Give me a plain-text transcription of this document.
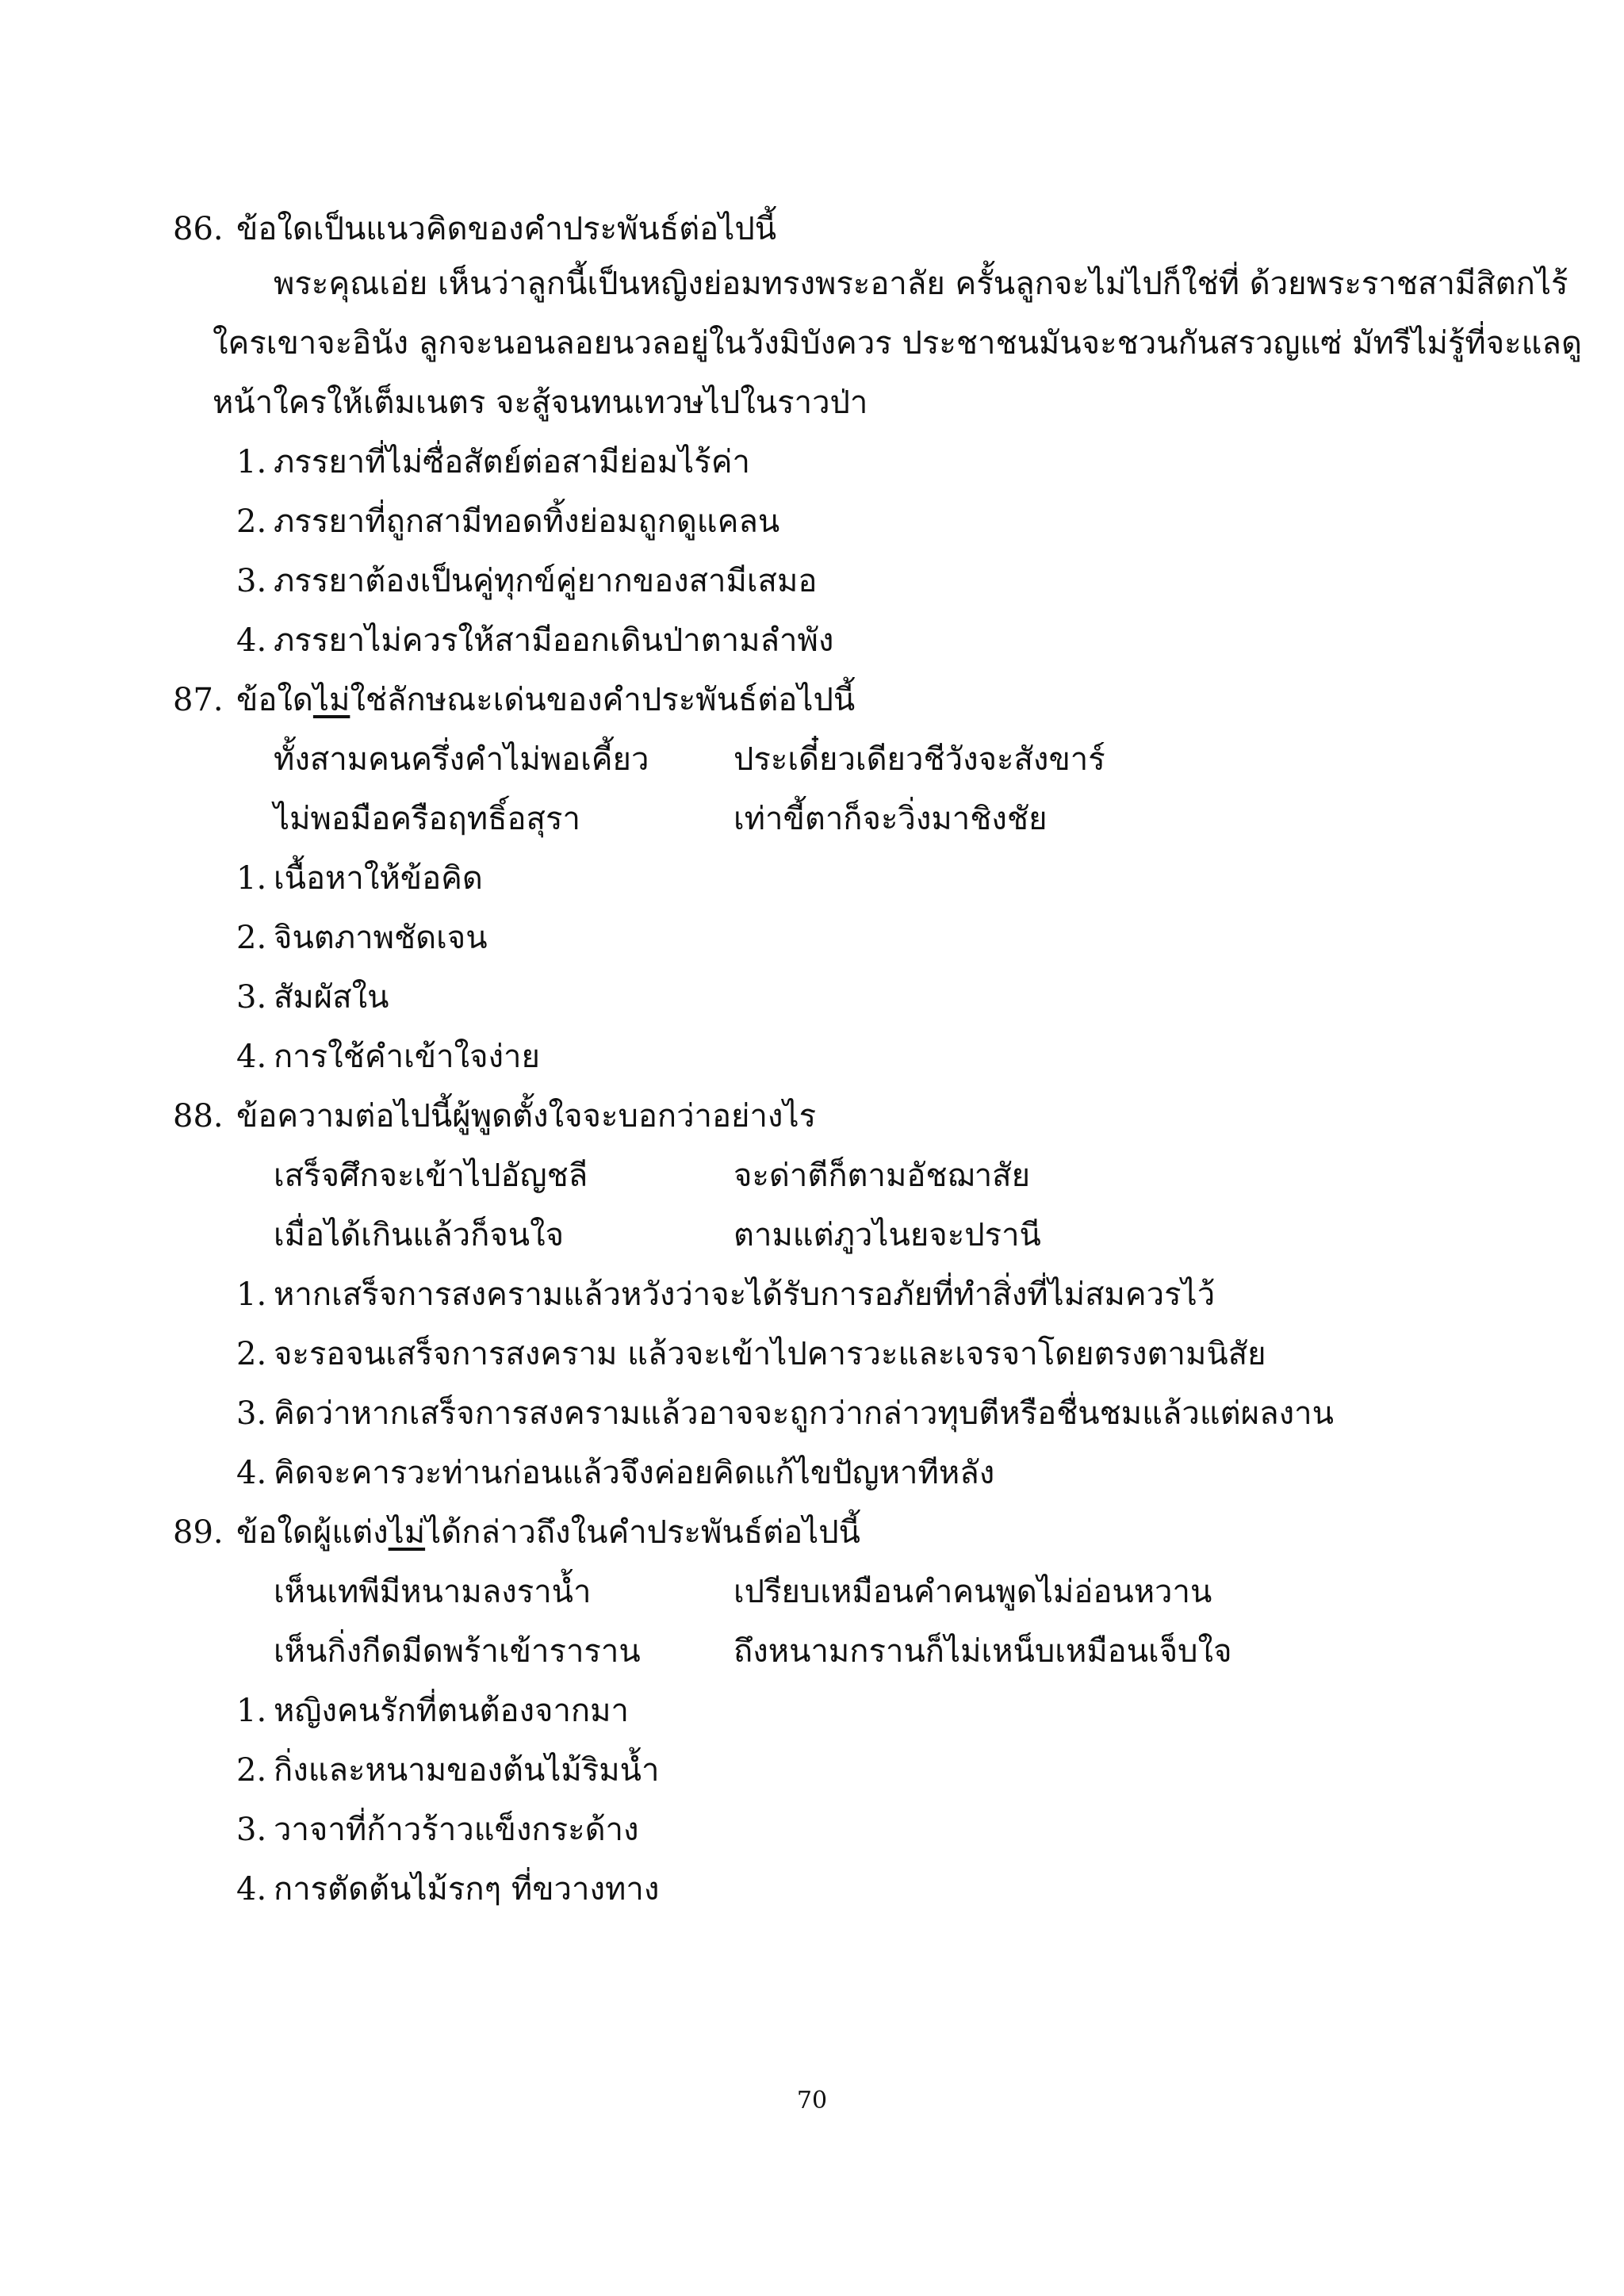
86. ข้อใดเป็นแนวคิดของคำประพันธ์ต่อไปนี้
พระคุณเอ่ย เห็นว่าลูกนี้เป็นหญิงย่อมทรงพระอาลัย ครั้นลูกจะไม่ไปก็ใช่ที่ ด้วยพระราชสามีสิตกไร้
ใครเขาจะอินัง ลูกจะนอนลอยนวลอยู่ในวังมิบังควร ประชาชนมันจะชวนกันสรวญแซ่ มัทรีไม่รู้ที่จะแลดู
หน้าใครให้เต็มเนตร จะสู้จนทนเทวษไปในราวป่า
1. ภรรยาที่ไม่ซื่อสัตย์ต่อสามีย่อมไร้ค่า
2. ภรรยาที่ถูกสามีทอดทิ้งย่อมถูกดูแคลน
3. ภรรยาต้องเป็นคู่ทุกข์คู่ยากของสามีเสมอ
4. ภรรยาไม่ควรให้สามีออกเดินป่าตามลำพัง
87. ข้อใดไม่ใช่ลักษณะเด่นของคำประพันธ์ต่อไปนี้
ทั้งสามคนครึ่งคำไม่พอเคี้ยว	ประเดี๋ยวเดียวชีวังจะสังขาร์
ไม่พอมือครือฤทธิ์อสุรา	เท่าขี้ตาก็จะวิ่งมาชิงชัย
1. เนื้อหาให้ข้อคิด
2. จินตภาพชัดเจน
3. สัมผัสใน
4. การใช้คำเข้าใจง่าย
88. ข้อความต่อไปนี้ผู้พูดตั้งใจจะบอกว่าอย่างไร
เสร็จศึกจะเข้าไปอัญชลี	จะด่าตีก็ตามอัชฌาสัย
เมื่อได้เกินแล้วก็จนใจ	ตามแต่ภูวไนยจะปรานี
1. หากเสร็จการสงครามแล้วหวังว่าจะได้รับการอภัยที่ทำสิ่งที่ไม่สมควรไว้
2. จะรอจนเสร็จการสงคราม แล้วจะเข้าไปคารวะและเจรจาโดยตรงตามนิสัย
3. คิดว่าหากเสร็จการสงครามแล้วอาจจะถูกว่ากล่าวทุบตีหรือชื่นชมแล้วแต่ผลงาน
4. คิดจะคารวะท่านก่อนแล้วจึงค่อยคิดแก้ไขปัญหาทีหลัง
89. ข้อใดผู้แต่งไม่ได้กล่าวถึงในคำประพันธ์ต่อไปนี้
เห็นเทพีมีหนามลงราน้ำ	เปรียบเหมือนคำคนพูดไม่อ่อนหวาน
เห็นกิ่งกีดมีดพร้าเข้าราราน	ถึงหนามกรานก็ไม่เหน็บเหมือนเจ็บใจ
1. หญิงคนรักที่ตนต้องจากมา
2. กิ่งและหนามของต้นไม้ริมน้ำ
3. วาจาที่ก้าวร้าวแข็งกระด้าง
4. การตัดต้นไม้รกๆ ที่ขวางทาง
70
